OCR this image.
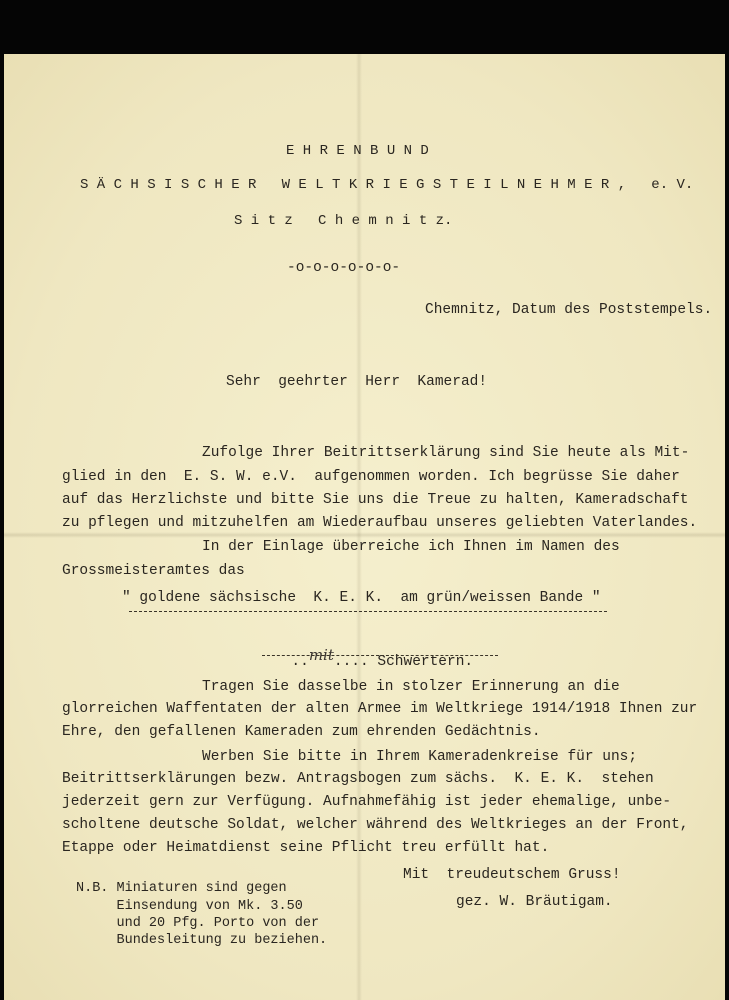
E H R E N B U N D
S Ä C H S I S C H E R   W E L T K R I E G S T E I L N E H M E R ,   e. V.
S i t z   C h e m n i t z.
-o-o-o-o-o-o-
Chemnitz, Datum des Poststempels.
Sehr  geehrter  Herr  Kamerad!
Zufolge Ihrer Beitrittserklärung sind Sie heute als Mit-
glied in den  E. S. W. e.V.  aufgenommen worden. Ich begrüsse Sie daher
auf das Herzlichste und bitte Sie uns die Treue zu halten, Kameradschaft
zu pflegen und mitzuhelfen am Wiederaufbau unseres geliebten Vaterlandes.
In der Einlage überreiche ich Ihnen im Namen des
Grossmeisteramtes das
" goldene sächsische  K. E. K.  am grün/weissen Bande "

..mit.... Schwertern.

Tragen Sie dasselbe in stolzer Erinnerung an die
glorreichen Waffentaten der alten Armee im Weltkriege 1914/1918 Ihnen zur
Ehre, den gefallenen Kameraden zum ehrenden Gedächtnis.
Werben Sie bitte in Ihrem Kameradenkreise für uns;
Beitrittserklärungen bezw. Antragsbogen zum sächs.  K. E. K.  stehen
jederzeit gern zur Verfügung. Aufnahmefähig ist jeder ehemalige, unbe-
scholtene deutsche Soldat, welcher während des Weltkrieges an der Front,
Etappe oder Heimatdienst seine Pflicht treu erfüllt hat.
Mit  treudeutschem Gruss!
gez. W. Bräutigam.
N.B. Miniaturen sind gegen
Einsendung von Mk. 3.50
und 20 Pfg. Porto von der
Bundesleitung zu beziehen.
